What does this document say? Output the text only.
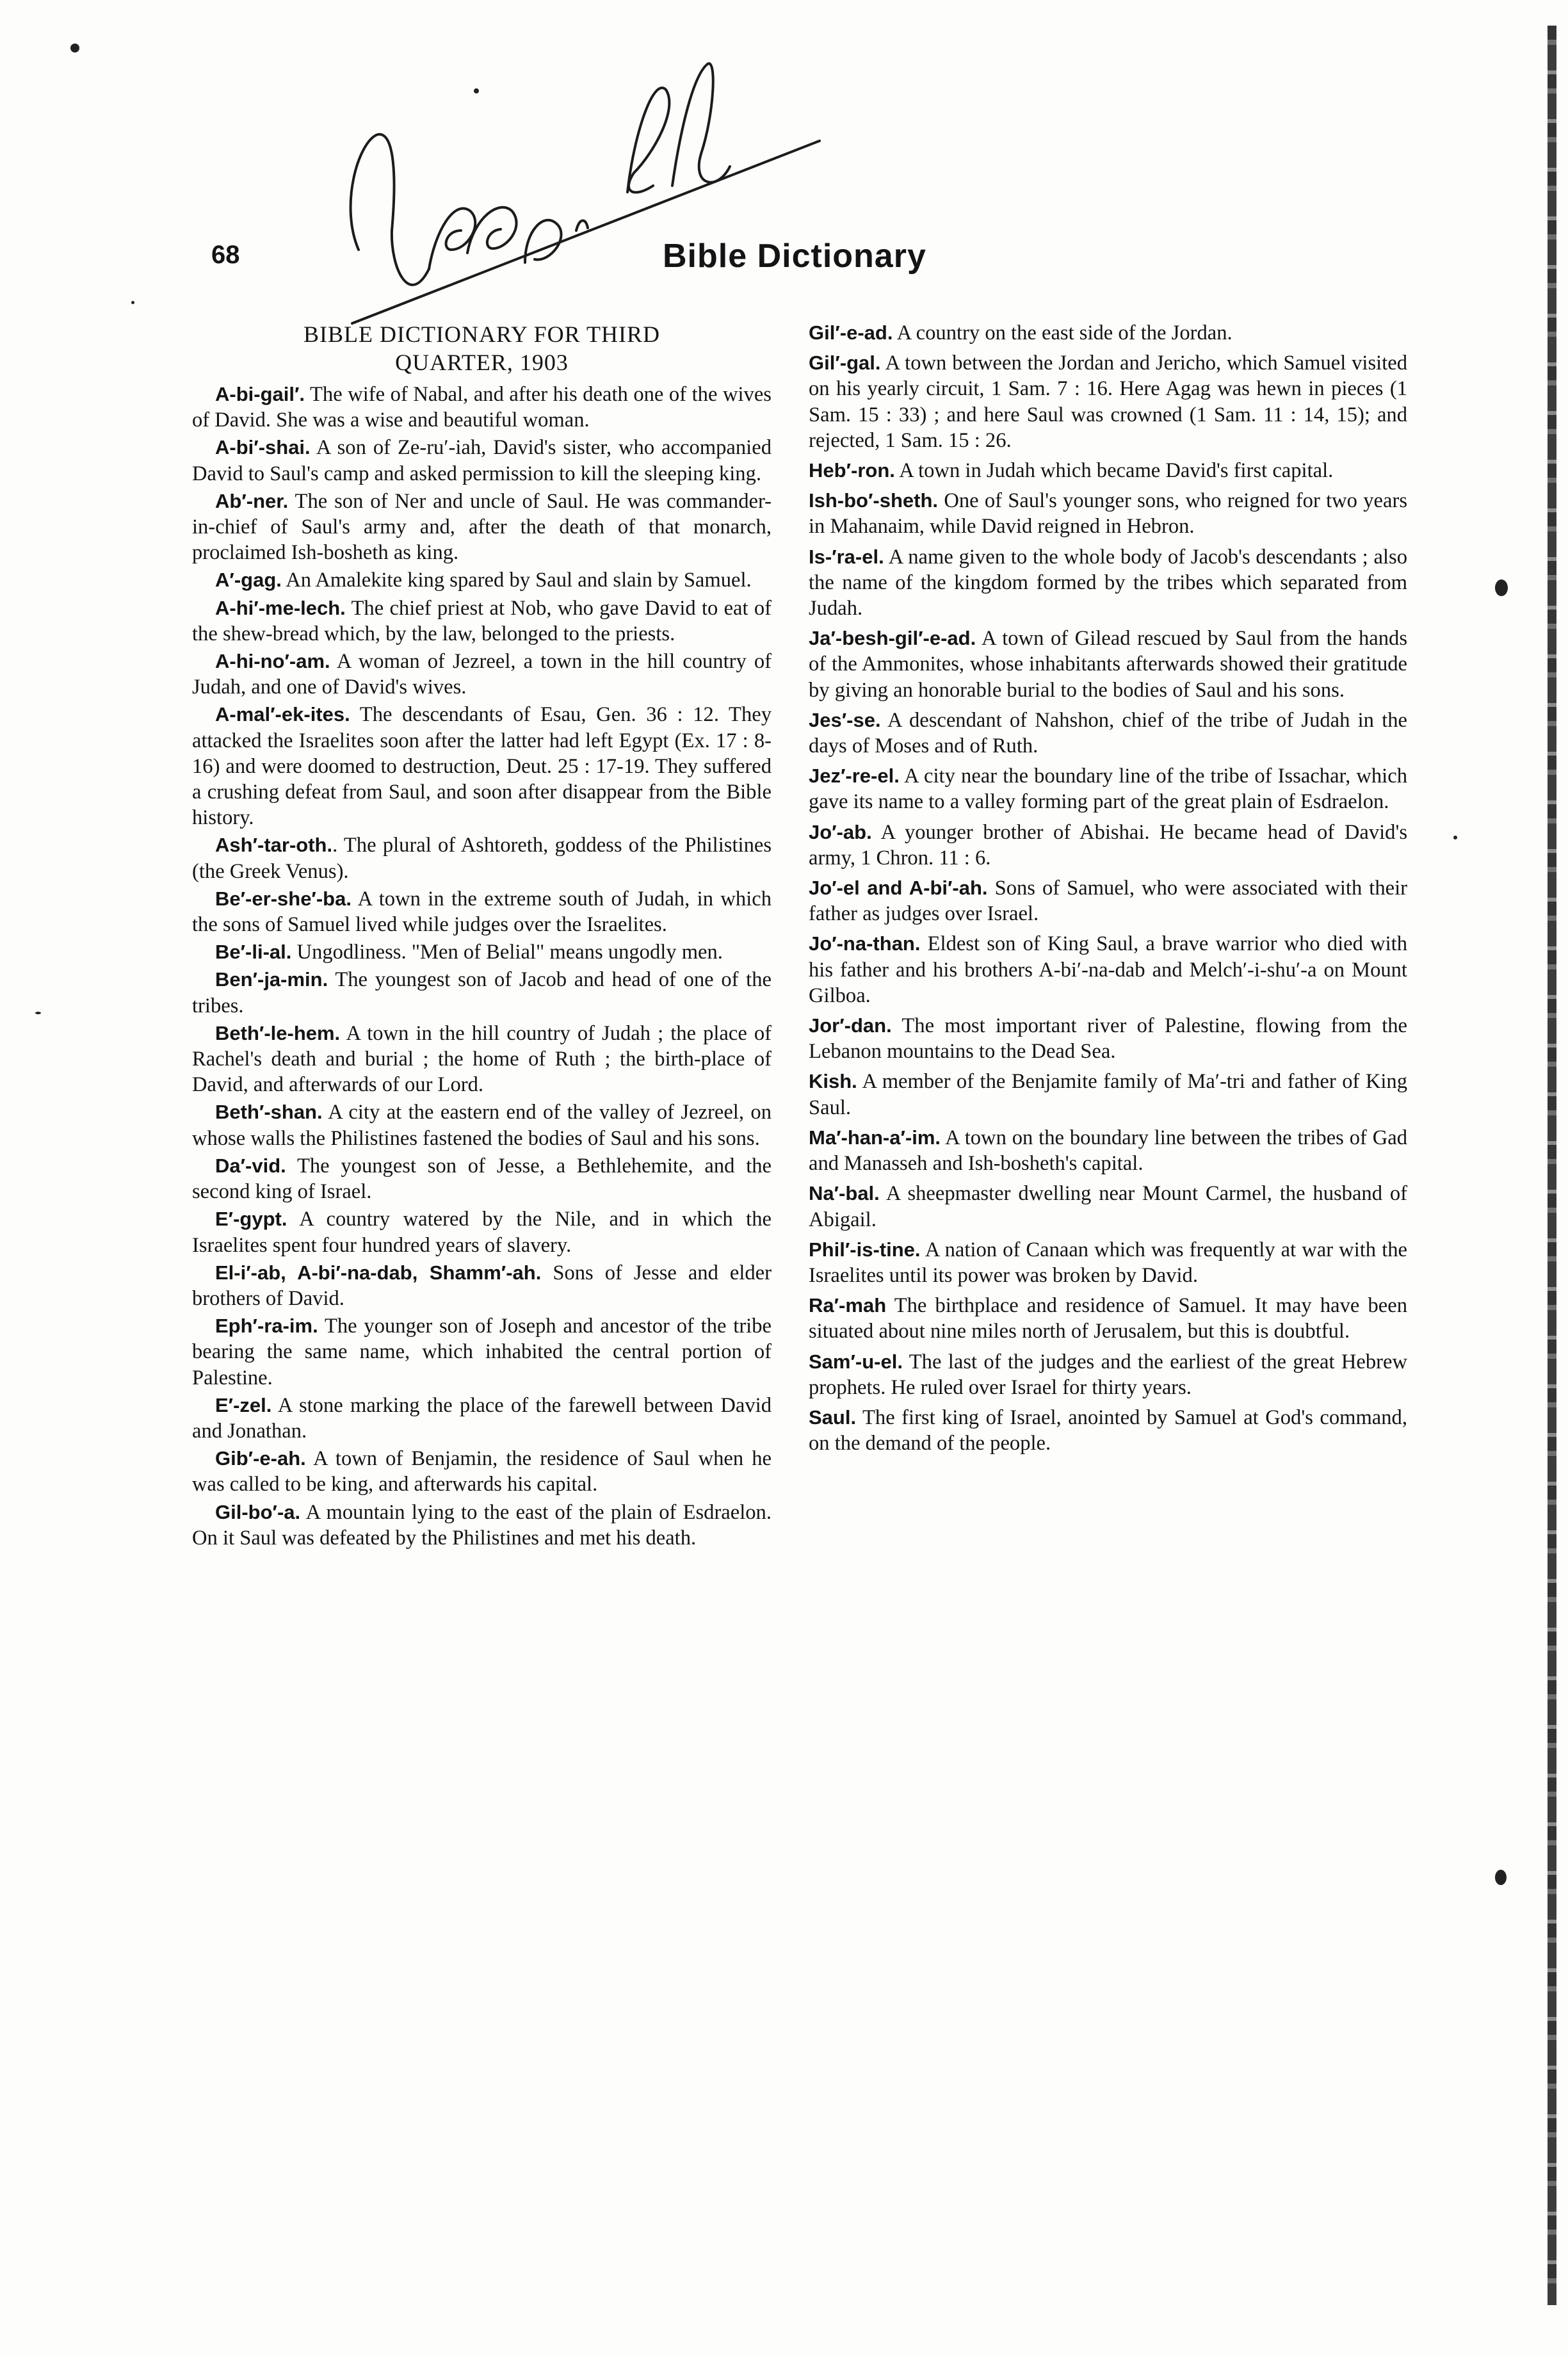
68	Bible Dictionary
BIBLE DICTIONARY FOR THIRD
QUARTER, 1903

A-bi-gail′. The wife of Nabal, and after his death one of the wives of David. She was a wise and beautiful woman.

A-bi′-shai. A son of Ze-ru′-iah, David's sister, who accompanied David to Saul's camp and asked permission to kill the sleeping king.

Ab′-ner. The son of Ner and uncle of Saul. He was commander-in-chief of Saul's army and, after the death of that monarch, proclaimed Ish-bosheth as king.

A′-gag. An Amalekite king spared by Saul and slain by Samuel.

A-hi′-me-lech. The chief priest at Nob, who gave David to eat of the shew-bread which, by the law, belonged to the priests.

A-hi-no′-am. A woman of Jezreel, a town in the hill country of Judah, and one of David's wives.

A-mal′-ek-ites. The descendants of Esau, Gen. 36 : 12. They attacked the Israelites soon after the latter had left Egypt (Ex. 17 : 8-16) and were doomed to destruction, Deut. 25 : 17-19. They suffered a crushing defeat from Saul, and soon after disappear from the Bible history.

Ash′-tar-oth.. The plural of Ashtoreth, goddess of the Philistines (the Greek Venus).

Be′-er-she′-ba. A town in the extreme south of Judah, in which the sons of Samuel lived while judges over the Israelites.

Be′-li-al. Ungodliness. "Men of Belial" means ungodly men.

Ben′-ja-min. The youngest son of Jacob and head of one of the tribes.

Beth′-le-hem. A town in the hill country of Judah ; the place of Rachel's death and burial ; the home of Ruth ; the birth-place of David, and afterwards of our Lord.

Beth′-shan. A city at the eastern end of the valley of Jezreel, on whose walls the Philistines fastened the bodies of Saul and his sons.

Da′-vid. The youngest son of Jesse, a Bethlehemite, and the second king of Israel.

E′-gypt. A country watered by the Nile, and in which the Israelites spent four hundred years of slavery.

El-i′-ab, A-bi′-na-dab, Shamm′-ah. Sons of Jesse and elder brothers of David.

Eph′-ra-im. The younger son of Joseph and ancestor of the tribe bearing the same name, which inhabited the central portion of Palestine.

E′-zel. A stone marking the place of the farewell between David and Jonathan.

Gib′-e-ah. A town of Benjamin, the residence of Saul when he was called to be king, and afterwards his capital.

Gil-bo′-a. A mountain lying to the east of the plain of Esdraelon. On it Saul was defeated by the Philistines and met his death.

Gil′-e-ad. A country on the east side of the Jordan.

Gil′-gal. A town between the Jordan and Jericho, which Samuel visited on his yearly circuit, 1 Sam. 7 : 16. Here Agag was hewn in pieces (1 Sam. 15 : 33) ; and here Saul was crowned (1 Sam. 11 : 14, 15); and rejected, 1 Sam. 15 : 26.

Heb′-ron. A town in Judah which became David's first capital.

Ish-bo′-sheth. One of Saul's younger sons, who reigned for two years in Mahanaim, while David reigned in Hebron.

Is-′ra-el. A name given to the whole body of Jacob's descendants ; also the name of the kingdom formed by the tribes which separated from Judah.

Ja′-besh-gil′-e-ad. A town of Gilead rescued by Saul from the hands of the Ammonites, whose inhabitants afterwards showed their gratitude by giving an honorable burial to the bodies of Saul and his sons.

Jes′-se. A descendant of Nahshon, chief of the tribe of Judah in the days of Moses and of Ruth.

Jez′-re-el. A city near the boundary line of the tribe of Issachar, which gave its name to a valley forming part of the great plain of Esdraelon.

Jo′-ab. A younger brother of Abishai. He became head of David's army, 1 Chron. 11 : 6.

Jo′-el and A-bi′-ah. Sons of Samuel, who were associated with their father as judges over Israel.

Jo′-na-than. Eldest son of King Saul, a brave warrior who died with his father and his brothers A-bi′-na-dab and Melch′-i-shu′-a on Mount Gilboa.

Jor′-dan. The most important river of Palestine, flowing from the Lebanon mountains to the Dead Sea.

Kish. A member of the Benjamite family of Ma′-tri and father of King Saul.

Ma′-han-a′-im. A town on the boundary line between the tribes of Gad and Manasseh and Ish-bosheth's capital.

Na′-bal. A sheepmaster dwelling near Mount Carmel, the husband of Abigail.

Phil′-is-tine. A nation of Canaan which was frequently at war with the Israelites until its power was broken by David.

Ra′-mah The birthplace and residence of Samuel. It may have been situated about nine miles north of Jerusalem, but this is doubtful.

Sam′-u-el. The last of the judges and the earliest of the great Hebrew prophets. He ruled over Israel for thirty years.

Saul. The first king of Israel, anointed by Samuel at God's command, on the demand of the people.
